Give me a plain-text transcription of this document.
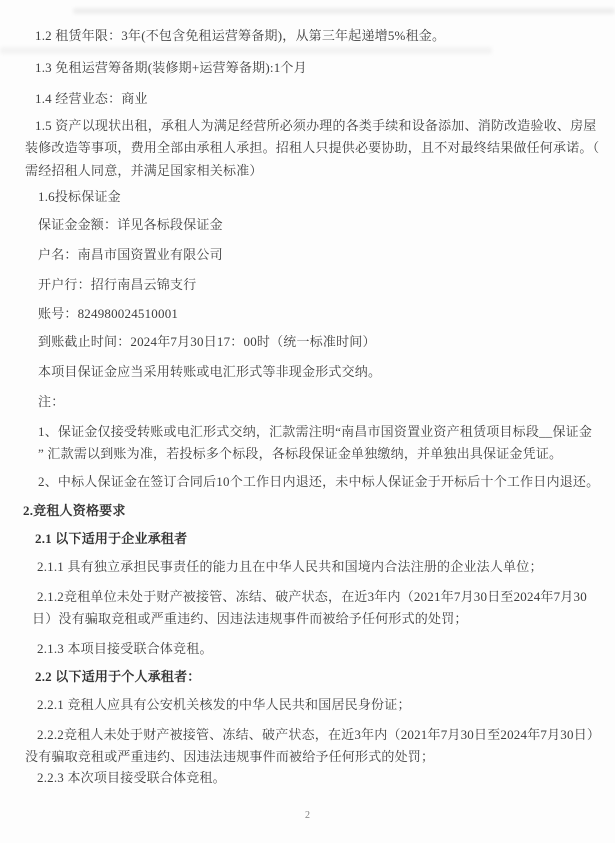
1.2 租赁年限：3年(不包含免租运营筹备期)，从第三年起递增5%租金。
1.3 免租运营筹备期(装修期+运营筹备期):1个月
1.4 经营业态：商业
1.5 资产以现状出租，承租人为满足经营所必须办理的各类手续和设备添加、消防改造验收、房屋
装修改造等事项，费用全部由承租人承担。招租人只提供必要协助，且不对最终结果做任何承诺。（
需经招租人同意，并满足国家相关标准）
1.6投标保证金
保证金金额：详见各标段保证金
户名：南昌市国资置业有限公司
开户行：招行南昌云锦支行
账号：824980024510001
到账截止时间：2024年7月30日17：00时（统一标准时间）
本项目保证金应当采用转账或电汇形式等非现金形式交纳。
注：
1、保证金仅接受转账或电汇形式交纳，汇款需注明“南昌市国资置业资产租赁项目标段__保证金
” 汇款需以到账为准，若投标多个标段，各标段保证金单独缴纳，并单独出具保证金凭证。
2、中标人保证金在签订合同后10个工作日内退还，未中标人保证金于开标后十个工作日内退还。
2.竞租人资格要求
2.1 以下适用于企业承租者
2.1.1 具有独立承担民事责任的能力且在中华人民共和国境内合法注册的企业法人单位；
2.1.2竞租单位未处于财产被接管、冻结、破产状态，在近3年内（2021年7月30日至2024年7月30
日）没有骗取竞租或严重违约、因违法违规事件而被给予任何形式的处罚；
2.1.3 本项目接受联合体竞租。
2.2 以下适用于个人承租者：
2.2.1 竞租人应具有公安机关核发的中华人民共和国居民身份证；
2.2.2竞租人未处于财产被接管、冻结、破产状态，在近3年内（2021年7月30日至2024年7月30日）
没有骗取竞租或严重违约、因违法违规事件而被给予任何形式的处罚；
2.2.3 本次项目接受联合体竞租。
2
